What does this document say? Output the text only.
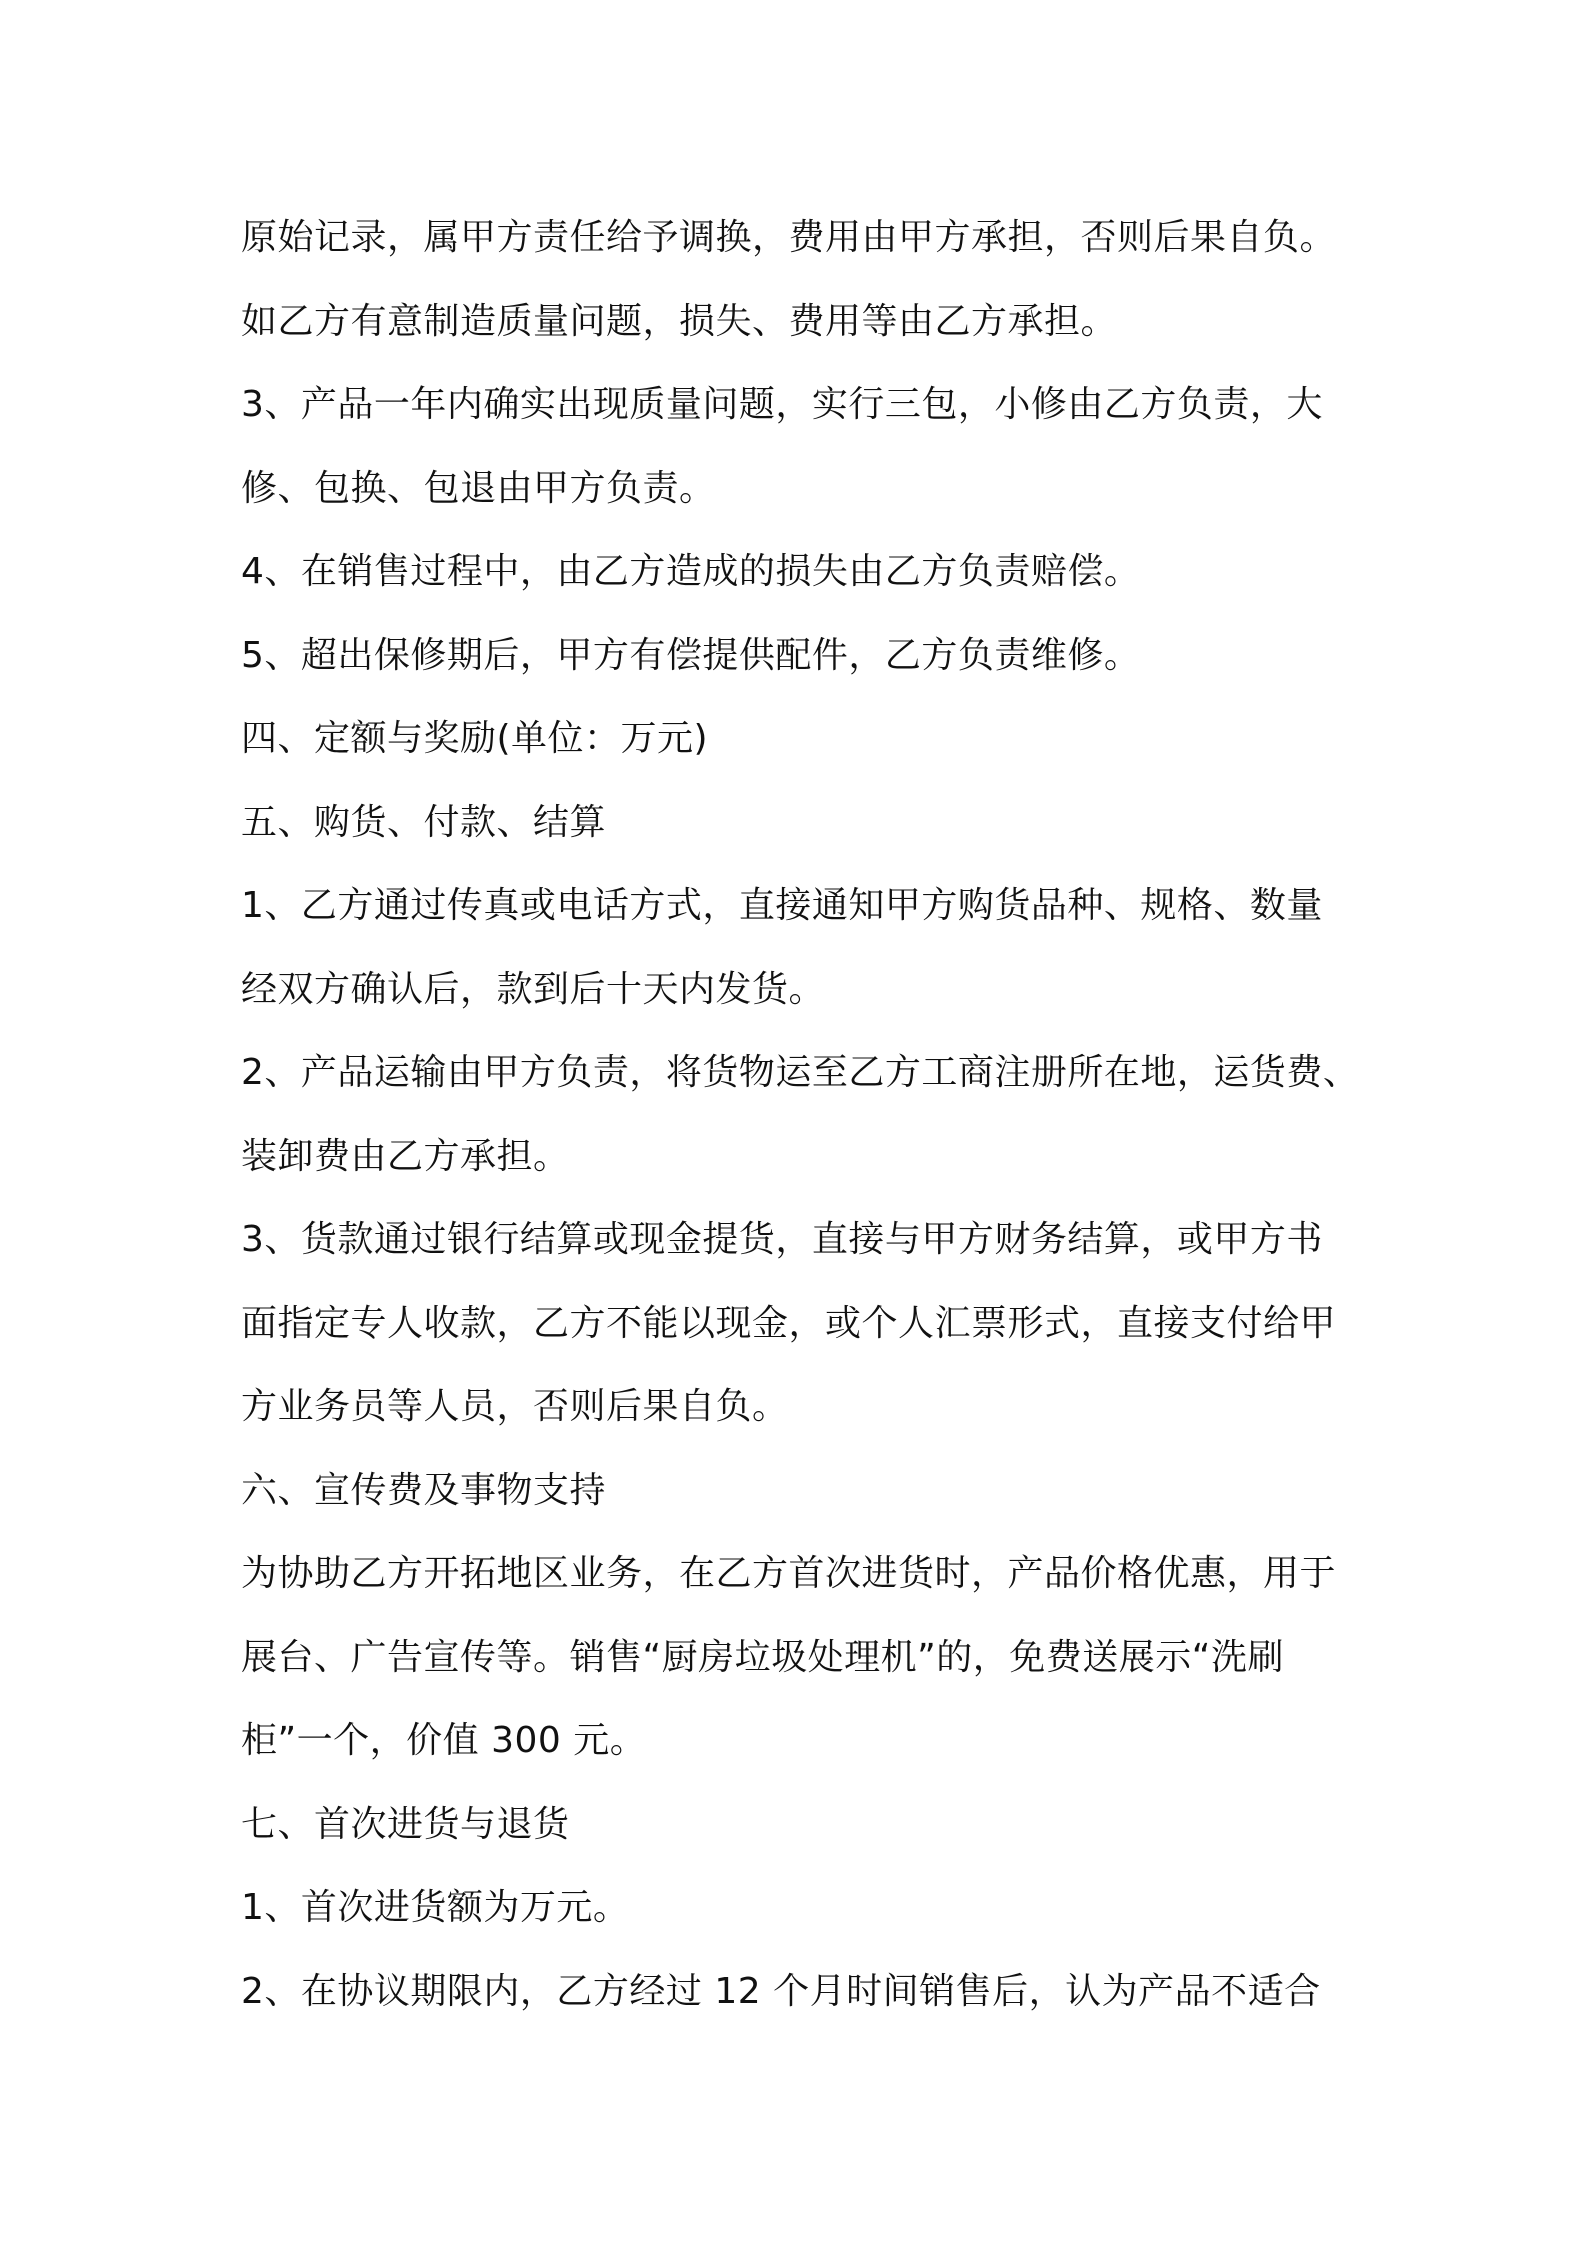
原始记录，属甲方责任给予调换，费用由甲方承担，否则后果自负。
如乙方有意制造质量问题，损失、费用等由乙方承担。
3、产品一年内确实出现质量问题，实行三包，小修由乙方负责，大
修、包换、包退由甲方负责。
4、在销售过程中，由乙方造成的损失由乙方负责赔偿。
5、超出保修期后，甲方有偿提供配件，乙方负责维修。
四、定额与奖励(单位：万元)
五、购货、付款、结算
1、乙方通过传真或电话方式，直接通知甲方购货品种、规格、数量
经双方确认后，款到后十天内发货。
2、产品运输由甲方负责，将货物运至乙方工商注册所在地，运货费、
装卸费由乙方承担。
3、货款通过银行结算或现金提货，直接与甲方财务结算，或甲方书
面指定专人收款，乙方不能以现金，或个人汇票形式，直接支付给甲
方业务员等人员，否则后果自负。
六、宣传费及事物支持
为协助乙方开拓地区业务，在乙方首次进货时，产品价格优惠，用于
展台、广告宣传等。销售“厨房垃圾处理机”的，免费送展示“洗刷
柜”一个，价值 300 元。
七、首次进货与退货
1、首次进货额为万元。
2、在协议期限内，乙方经过 12 个月时间销售后，认为产品不适合
